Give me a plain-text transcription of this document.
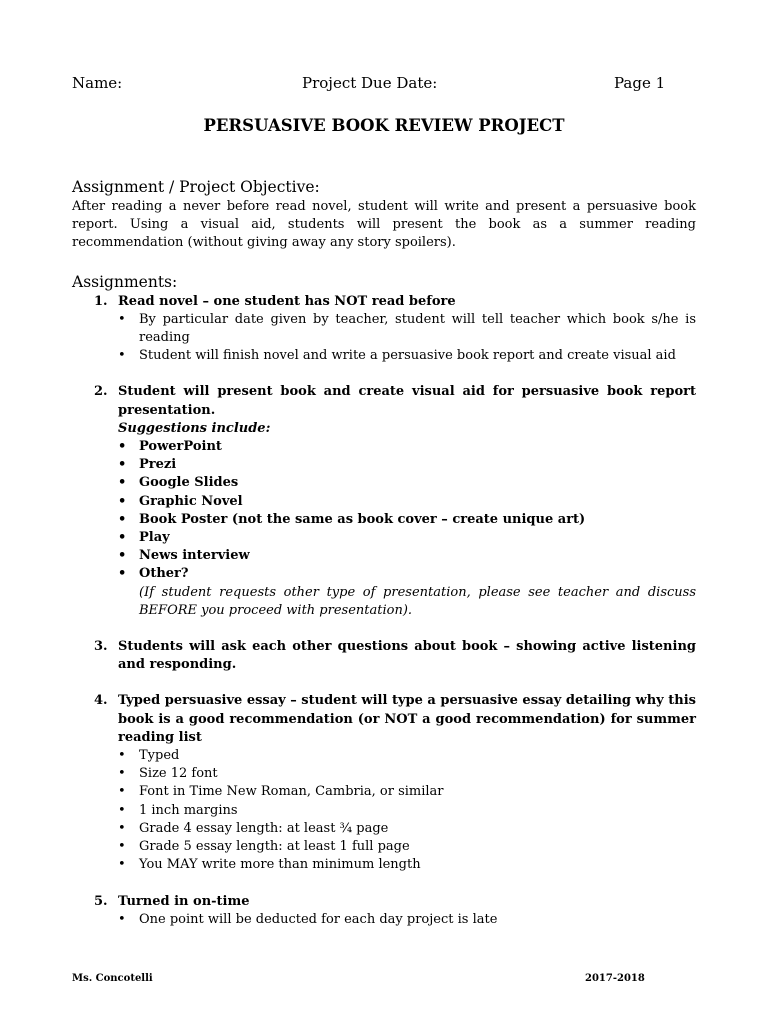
Name:	Project Due Date:	Page 1
PERSUASIVE BOOK REVIEW PROJECT
Assignment / Project Objective:

After reading a never before read novel, student will write and present a persuasive book report. Using a visual aid, students will present the book as a summer reading recommendation (without giving away any story spoilers).

Assignments:
1. Read novel – one student has NOT read before
• By particular date given by teacher, student will tell teacher which book s/he is reading
• Student will finish novel and write a persuasive book report and create visual aid
2. Student will present book and create visual aid for persuasive book report presentation.
Suggestions include:
• PowerPoint
• Prezi
• Google Slides
• Graphic Novel
• Book Poster (not the same as book cover – create unique art)
• Play
• News interview
• Other?
(If student requests other type of presentation, please see teacher and discuss BEFORE you proceed with presentation).
3. Students will ask each other questions about book – showing active listening and responding.
4. Typed persuasive essay – student will type a persuasive essay detailing why this book is a good recommendation (or NOT a good recommendation) for summer reading list
• Typed
• Size 12 font
• Font in Time New Roman, Cambria, or similar
• 1 inch margins
• Grade 4 essay length: at least ¾ page
• Grade 5 essay length: at least 1 full page
• You MAY write more than minimum length
5. Turned in on-time
• One point will be deducted for each day project is late
Ms. Concotelli	2017-2018
